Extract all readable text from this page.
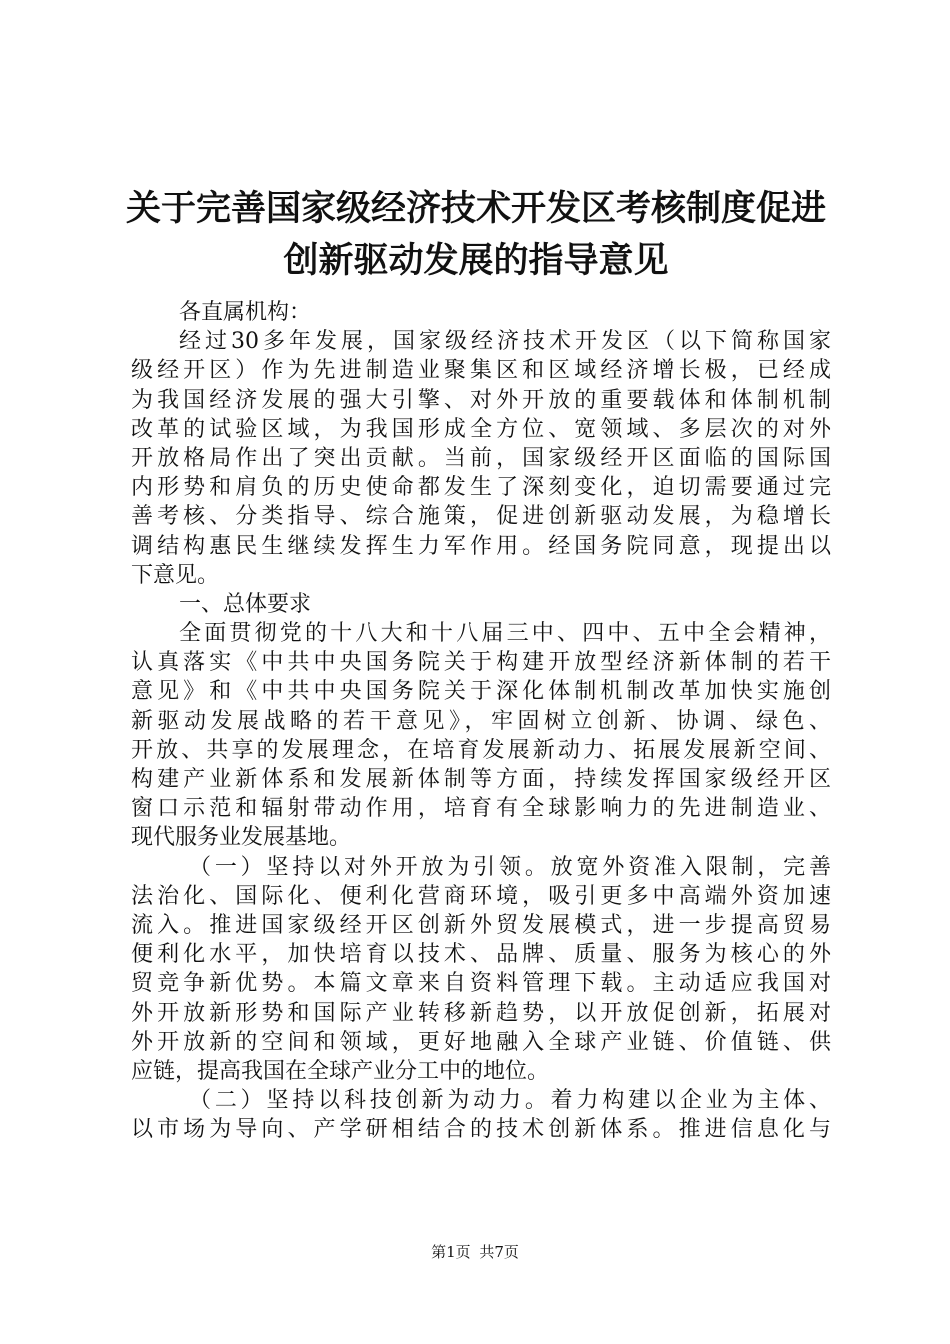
关于完善国家级经济技术开发区考核制度促进
创新驱动发展的指导意见
各直属机构：
经过30多年发展，国家级经济技术开发区（以下简称国家
级经开区）作为先进制造业聚集区和区域经济增长极，已经成
为我国经济发展的强大引擎、对外开放的重要载体和体制机制
改革的试验区域，为我国形成全方位、宽领域、多层次的对外
开放格局作出了突出贡献。当前，国家级经开区面临的国际国
内形势和肩负的历史使命都发生了深刻变化，迫切需要通过完
善考核、分类指导、综合施策，促进创新驱动发展，为稳增长
调结构惠民生继续发挥生力军作用。经国务院同意，现提出以
下意见。
一、总体要求
全面贯彻党的十八大和十八届三中、四中、五中全会精神，
认真落实《中共中央国务院关于构建开放型经济新体制的若干
意见》和《中共中央国务院关于深化体制机制改革加快实施创
新驱动发展战略的若干意见》，牢固树立创新、协调、绿色、
开放、共享的发展理念，在培育发展新动力、拓展发展新空间、
构建产业新体系和发展新体制等方面，持续发挥国家级经开区
窗口示范和辐射带动作用，培育有全球影响力的先进制造业、
现代服务业发展基地。
（一）坚持以对外开放为引领。放宽外资准入限制，完善
法治化、国际化、便利化营商环境，吸引更多中高端外资加速
流入。推进国家级经开区创新外贸发展模式，进一步提高贸易
便利化水平，加快培育以技术、品牌、质量、服务为核心的外
贸竞争新优势。本篇文章来自资料管理下载。主动适应我国对
外开放新形势和国际产业转移新趋势，以开放促创新，拓展对
外开放新的空间和领域，更好地融入全球产业链、价值链、供
应链，提高我国在全球产业分工中的地位。
（二）坚持以科技创新为动力。着力构建以企业为主体、
以市场为导向、产学研相结合的技术创新体系。推进信息化与
第1页 共7页
